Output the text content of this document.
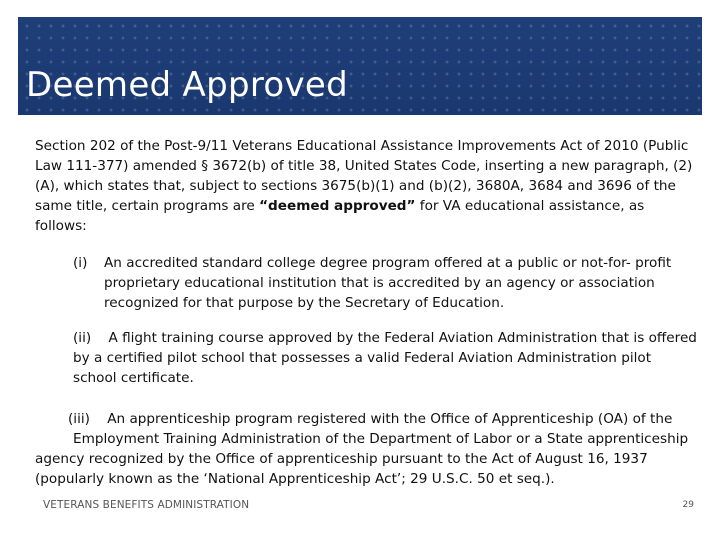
Deemed Approved

Section 202 of the Post-9/11 Veterans Educational Assistance Improvements Act of 2010 (Public Law 111-377) amended § 3672(b) of title 38, United States Code, inserting a new paragraph, (2)(A), which states that, subject to sections 3675(b)(1) and (b)(2), 3680A, 3684 and 3696 of the same title, certain programs are “deemed approved” for VA educational assistance, as follows:

(i) An accredited standard college degree program offered at a public or not-for- profit proprietary educational institution that is accredited by an agency or association recognized for that purpose by the Secretary of Education.
(ii) A flight training course approved by the Federal Aviation Administration that is offered by a certified pilot school that possesses a valid Federal Aviation Administration pilot school certificate.
(iii) An apprenticeship program registered with the Office of Apprenticeship (OA) of the
Employment Training Administration of the Department of Labor or a State apprenticeship
agency recognized by the Office of apprenticeship pursuant to the Act of August 16, 1937 (popularly known as the ‘National Apprenticeship Act’; 29 U.S.C. 50 et seq.).
VETERANS BENEFITS ADMINISTRATION	29
